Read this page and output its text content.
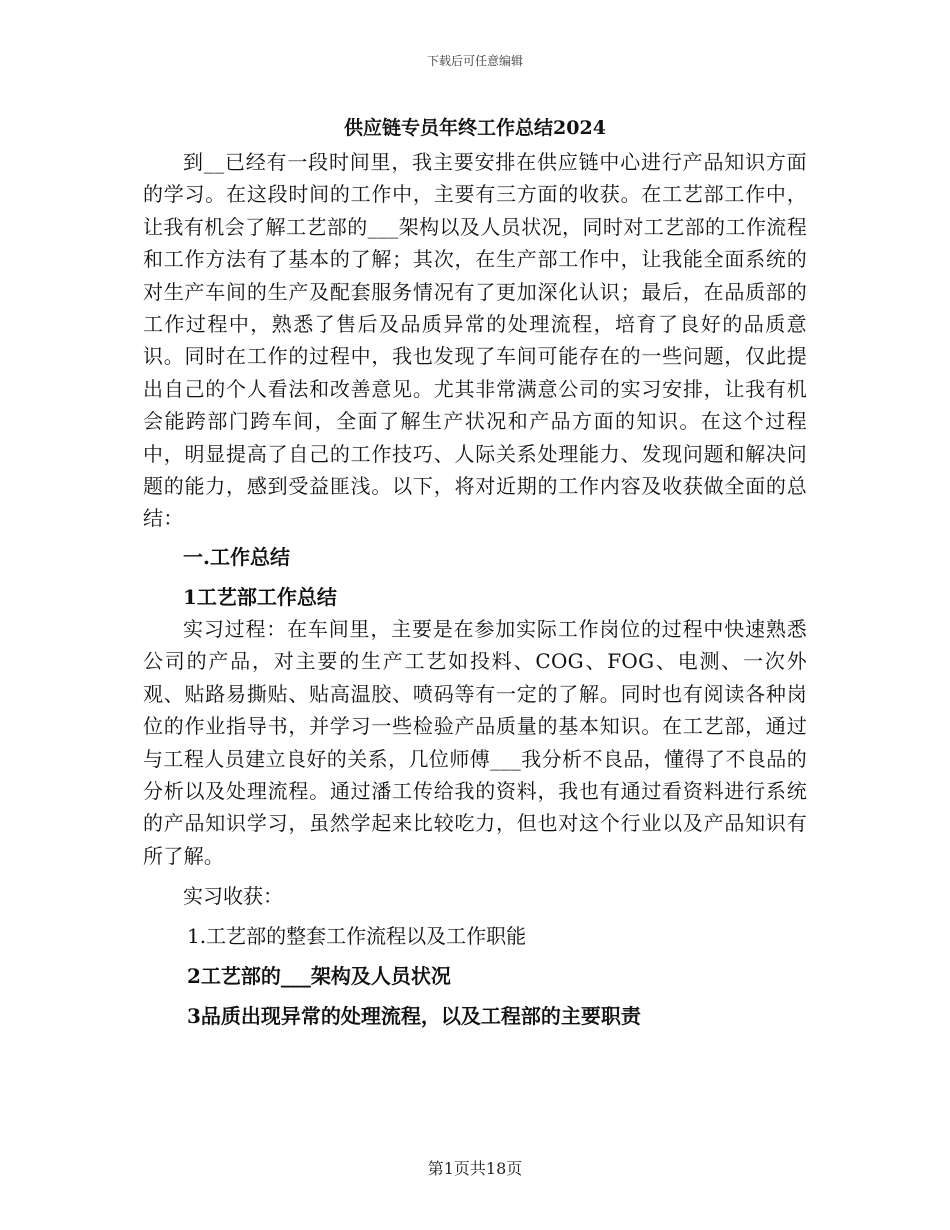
下载后可任意编辑
供应链专员年终工作总结2024

到__已经有一段时间里，我主要安排在供应链中心进行产品知识方面的学习。在这段时间的工作中，主要有三方面的收获。在工艺部工作中，让我有机会了解工艺部的___架构以及人员状况，同时对工艺部的工作流程和工作方法有了基本的了解；其次，在生产部工作中，让我能全面系统的对生产车间的生产及配套服务情况有了更加深化认识；最后，在品质部的工作过程中，熟悉了售后及品质异常的处理流程，培育了良好的品质意识。同时在工作的过程中，我也发现了车间可能存在的一些问题，仅此提出自己的个人看法和改善意见。尤其非常满意公司的实习安排，让我有机会能跨部门跨车间，全面了解生产状况和产品方面的知识。在这个过程中，明显提高了自己的工作技巧、人际关系处理能力、发现问题和解决问题的能力，感到受益匪浅。以下，将对近期的工作内容及收获做全面的总结：

一.工作总结

1工艺部工作总结

实习过程：在车间里，主要是在参加实际工作岗位的过程中快速熟悉公司的产品，对主要的生产工艺如投料、COG、FOG、电测、一次外观、贴路易撕贴、贴高温胶、喷码等有一定的了解。同时也有阅读各种岗位的作业指导书，并学习一些检验产品质量的基本知识。在工艺部，通过与工程人员建立良好的关系，几位师傅___我分析不良品，懂得了不良品的分析以及处理流程。通过潘工传给我的资料，我也有通过看资料进行系统的产品知识学习，虽然学起来比较吃力，但也对这个行业以及产品知识有所了解。

实习收获：

1.工艺部的整套工作流程以及工作职能

2工艺部的___架构及人员状况

3品质出现异常的处理流程，以及工程部的主要职责

第1页共18页
